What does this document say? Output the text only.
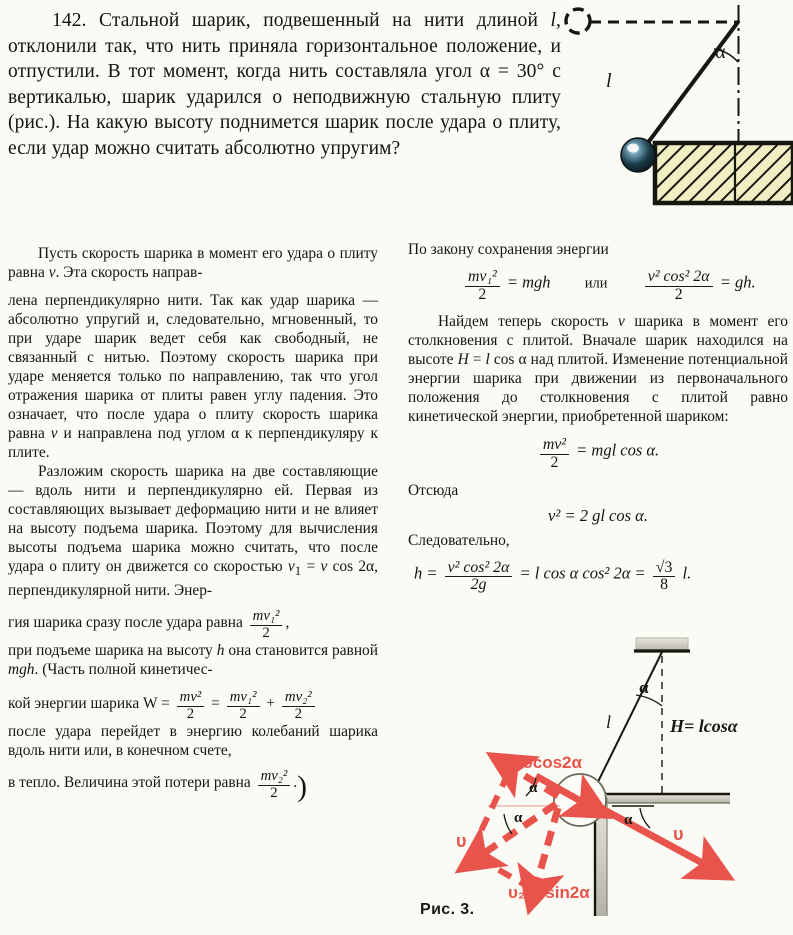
142. Стальной шарик, подвешенный на нити длиной l, отклонили так, что нить приняла горизонтальное положение, и отпустили. В тот момент, когда нить составляла угол α = 30° с вертикалью, шарик ударился о неподвижную стальную плиту (рис.). На какую высоту поднимется шарик после удара о плиту, если удар можно считать абсолютно упругим?
l
α

Пусть скорость шарика в момент его удара о плиту равна v. Эта скорость направ-

лена перпендикулярно нити. Так как удар шарика — абсолютно упругий и, следовательно, мгновенный, то при ударе шарик ведет себя как свободный, не связанный с нитью. Поэтому скорость шарика при ударе меняется только по направлению, так что угол отражения шарика от плиты равен углу падения. Это означает, что после удара о плиту скорость шарика равна v и направлена под углом α к перпендикуляру к плите.

Разложим скорость шарика на две составляющие — вдоль нити и перпендикулярно ей. Первая из составляющих вызывает деформацию нити и не влияет на высоту подъема шарика. Поэтому для вычисления высоты подъема шарика можно считать, что после удара о плиту он движется со скоростью $v_1 = v$ cos 2α, перпендикулярной нити. Энер-

гия шарика сразу после удара равна $\frac{\text{mv₁²}}{2}$ ,

при подъеме шарика на высоту h она становится равной mgh. (Часть полной кинетичес-

кой энергии шарика $W = \frac{\text{mv²}}{2} = \frac{\text{mv₁²}}{2} + \frac{\text{mv₂²}}{2}$

после удара перейдет в энергию колебаний шарика вдоль нити или, в конечном счете,

в тепло. Величина этой потери равна $\frac{\text{mv₂²}}{2}$ .)

По закону сохранения энергии

$\frac{\text{mv₁²}}{2}$ = mgh или $\frac{\text{v² cos² 2α}}{2}$ = gh.

Найдем теперь скорость v шарика в момент его столкновения с плитой. Вначале шарик находился на высоте H = l cos α над плитой. Изменение потенциальной энергии шарика при движении из первоначального положения до столкновения с плитой равно кинетической энергии, приобретенной шариком:

$\frac{\text{mv²}}{2}$ = mgl cos α.

Отсюда

v² = 2 gl cos α.

Следовательно,

$h = \frac{\text{v² cos² 2α}}{2g} = l$ cos α cos² $2\alpha = \frac{√3}{8} l$.
υ₁=υcos2α
υ₂=υsin2α
υ	υ
H= lcosα
l
α
α
α	α
Рис. 3.
